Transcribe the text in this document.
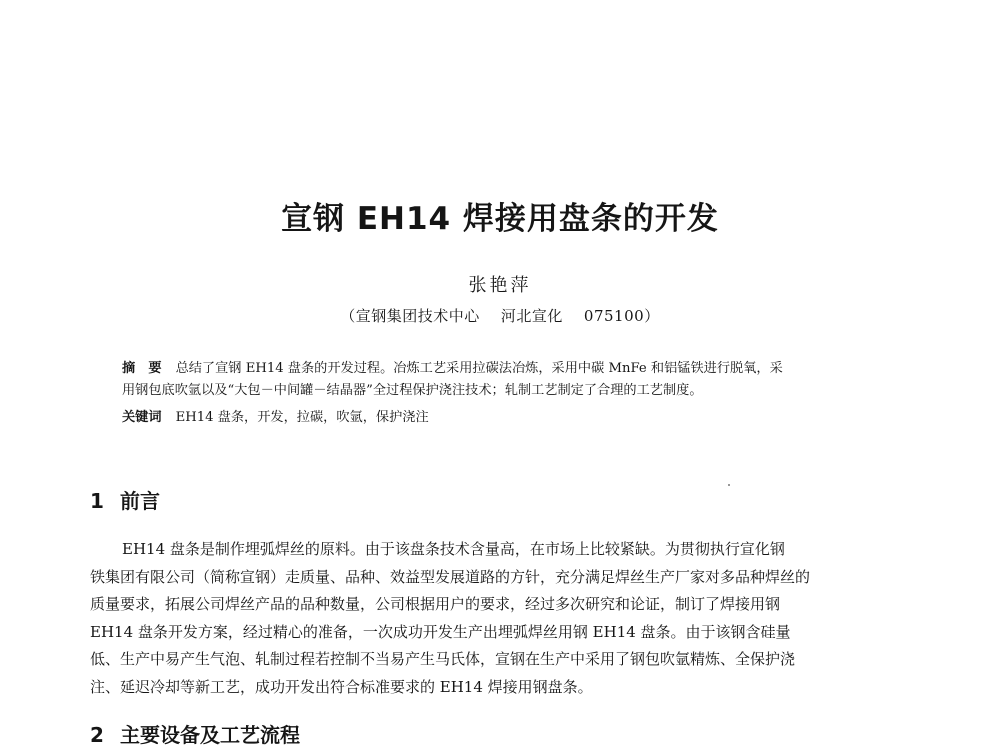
宣钢 EH14 焊接用盘条的开发
张艳萍
（宣钢集团技术中心    河北宣化    075100）
摘　要 总结了宣钢 EH14 盘条的开发过程。冶炼工艺采用拉碳法冶炼，采用中碳 MnFe 和铝锰铁进行脱氧，采
用钢包底吹氩以及“大包－中间罐－结晶器”全过程保护浇注技术；轧制工艺制定了合理的工艺制度。
关键词 EH14 盘条，开发，拉碳，吹氩，保护浇注
1 前言
EH14 盘条是制作埋弧焊丝的原料。由于该盘条技术含量高，在市场上比较紧缺。为贯彻执行宣化钢
铁集团有限公司（简称宣钢）走质量、品种、效益型发展道路的方针，充分满足焊丝生产厂家对多品种焊丝的
质量要求，拓展公司焊丝产品的品种数量，公司根据用户的要求，经过多次研究和论证，制订了焊接用钢
EH14 盘条开发方案，经过精心的准备，一次成功开发生产出埋弧焊丝用钢 EH14 盘条。由于该钢含硅量
低、生产中易产生气泡、轧制过程若控制不当易产生马氏体，宣钢在生产中采用了钢包吹氩精炼、全保护浇
注、延迟冷却等新工艺，成功开发出符合标准要求的 EH14 焊接用钢盘条。
2 主要设备及工艺流程
